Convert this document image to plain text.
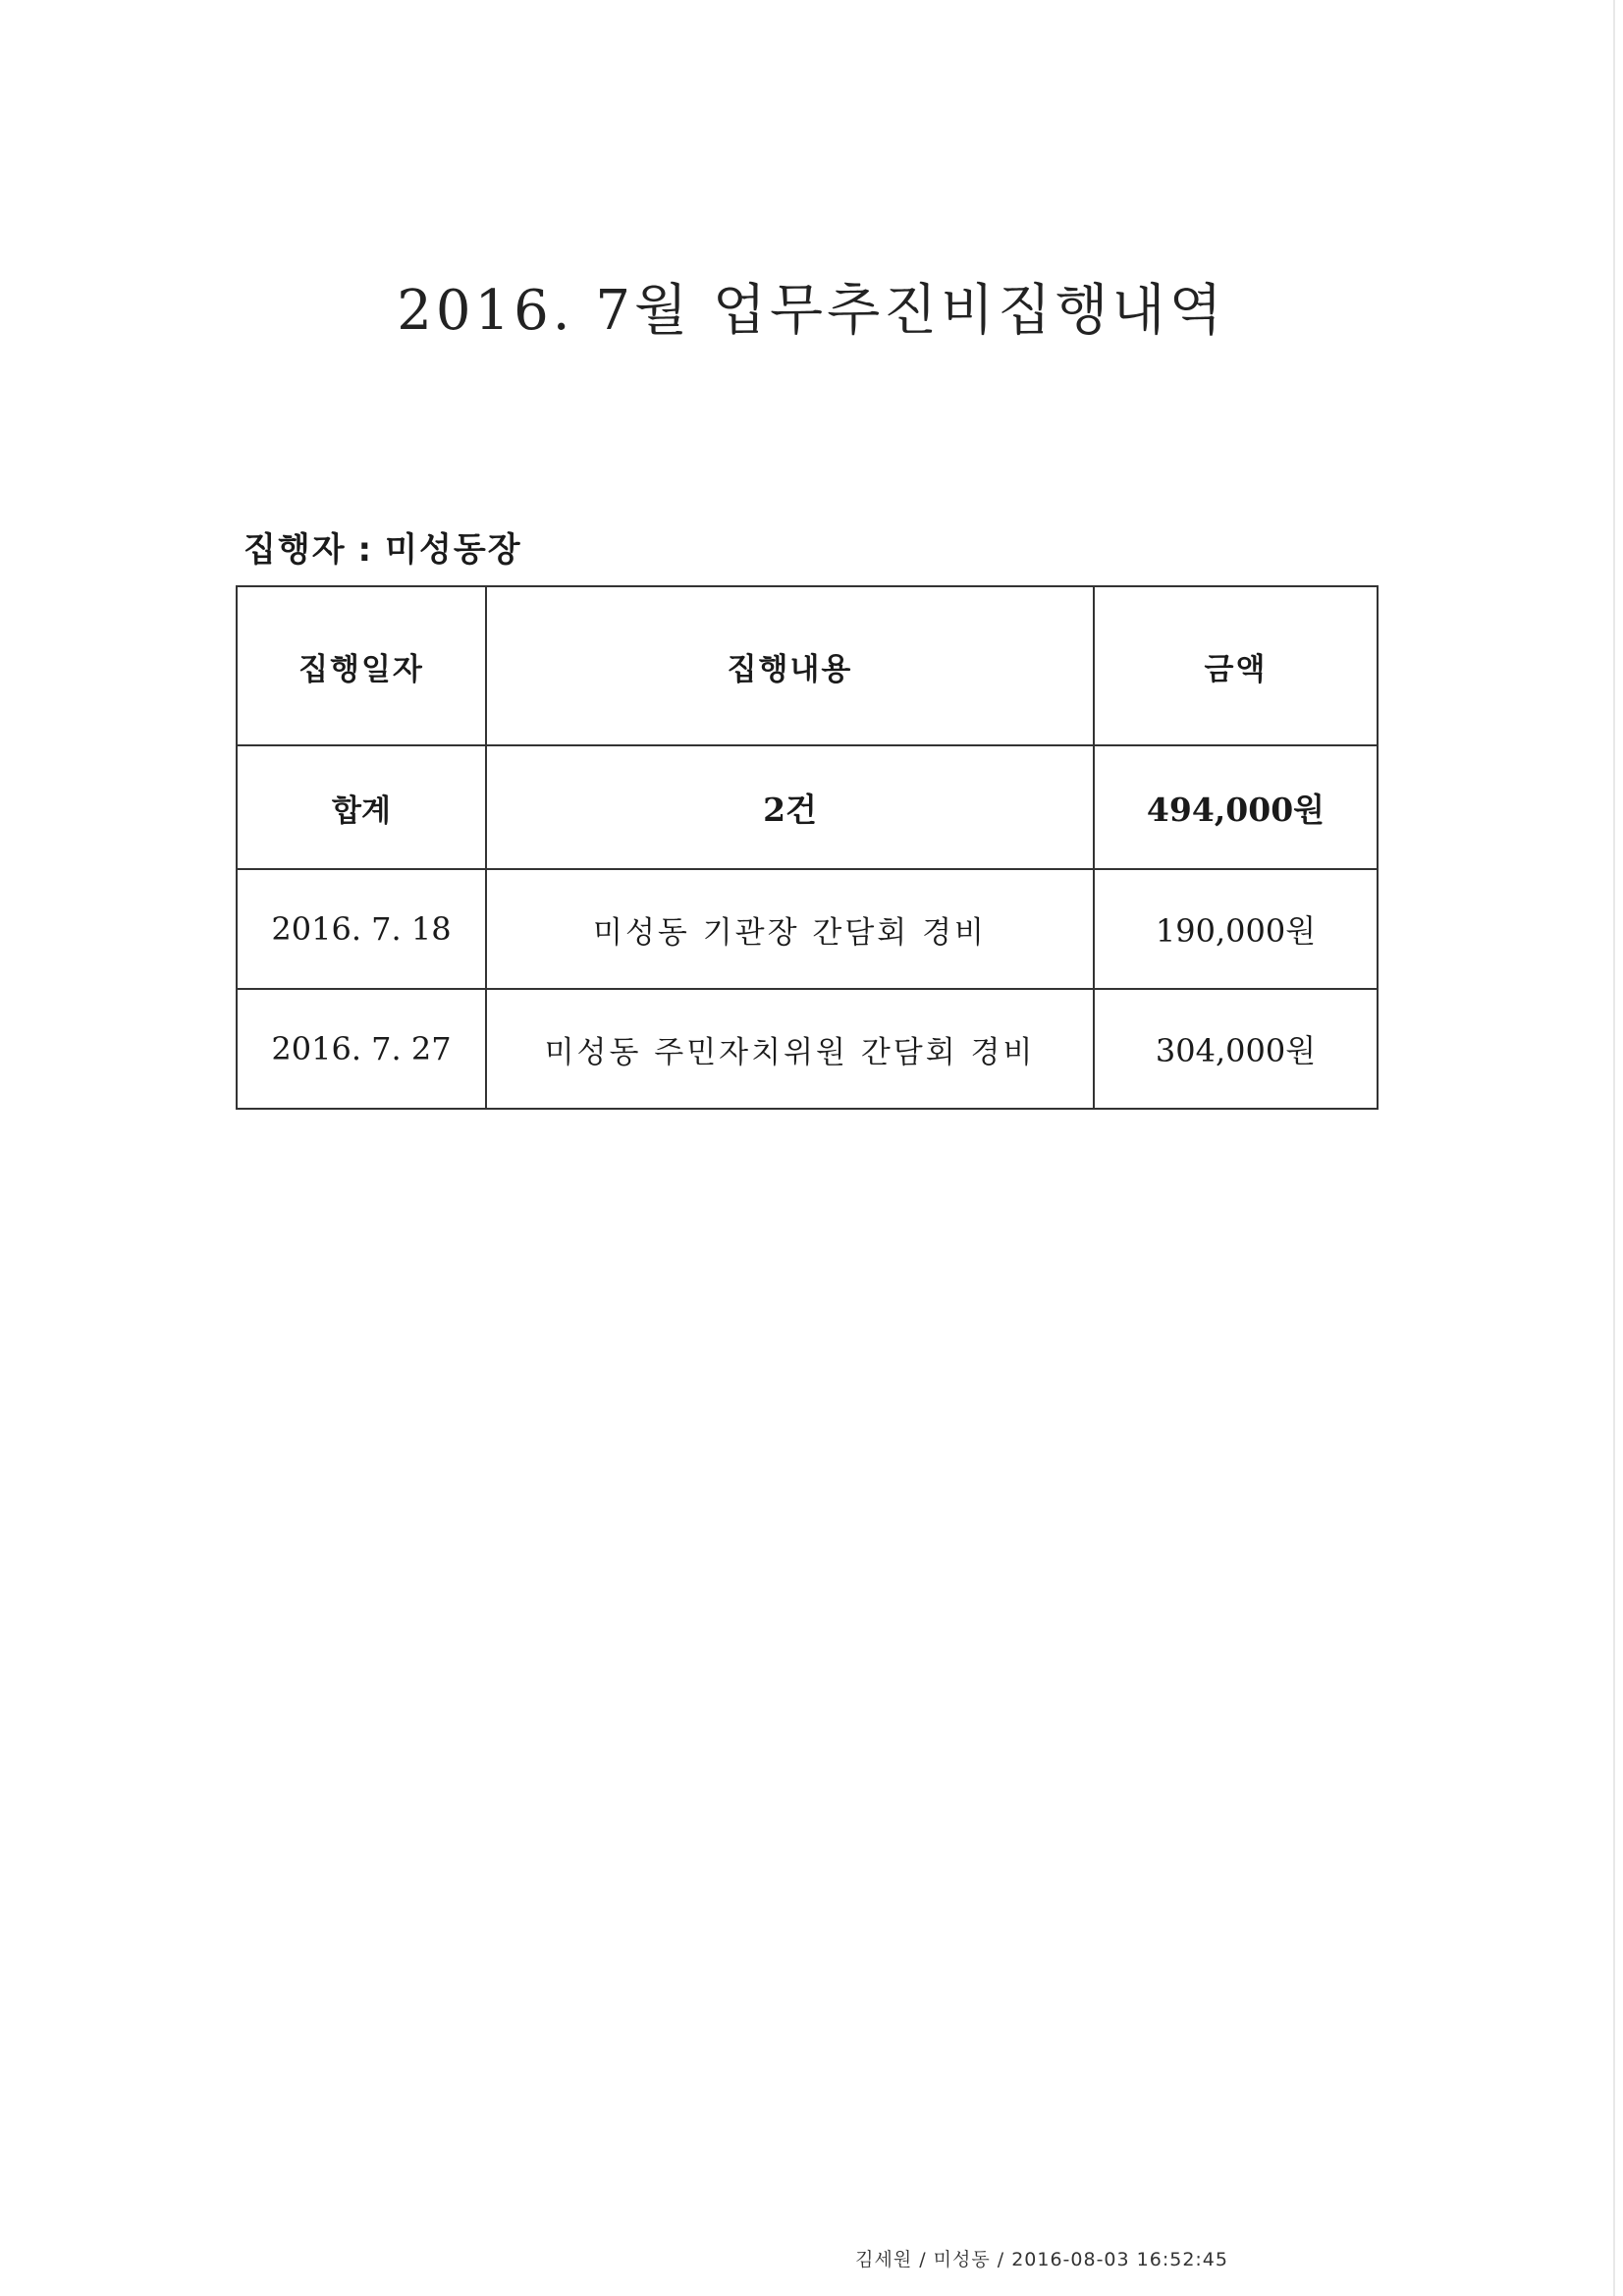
2016. 7월 업무추진비집행내역
집행자 : 미성동장
집행일자	집행내용	금액
합계	2건	494,000원
2016. 7. 18	미성동 기관장 간담회 경비	190,000원
2016. 7. 27	미성동 주민자치위원 간담회 경비	304,000원
김세원 / 미성동 / 2016-08-03 16:52:45
